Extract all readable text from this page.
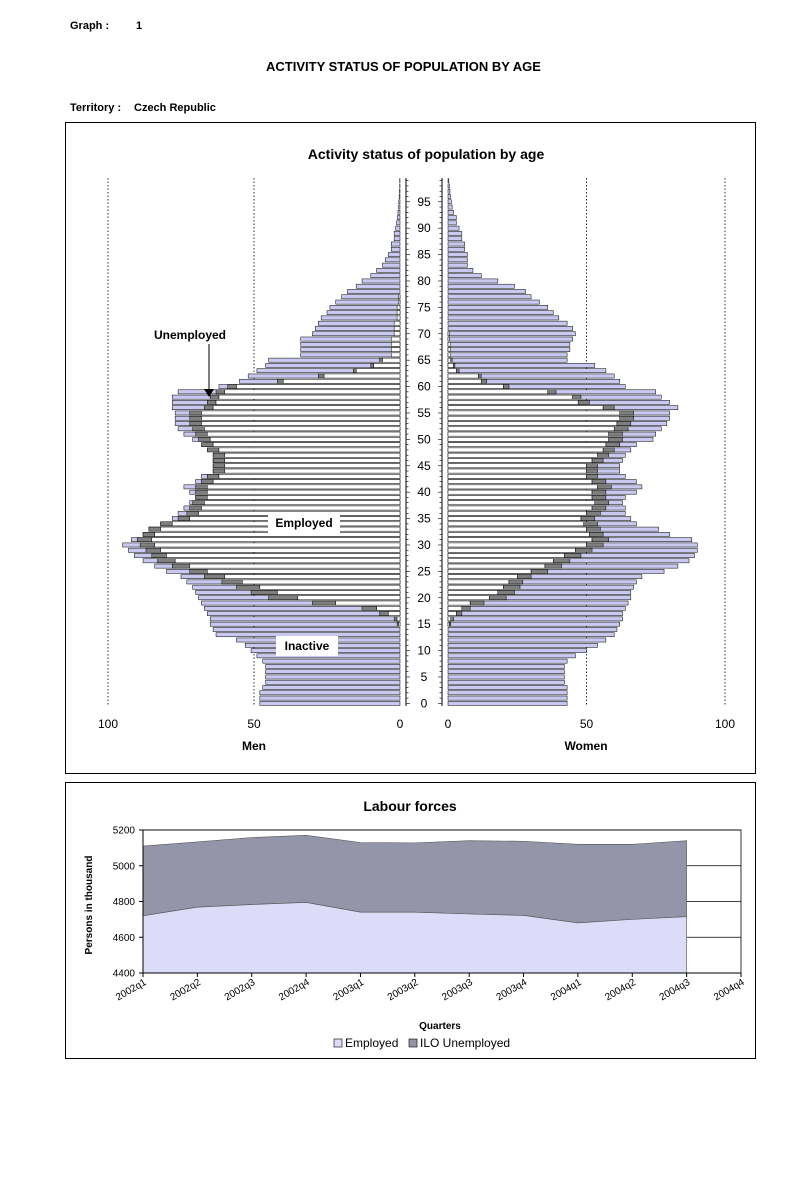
Graph : 1
ACTIVITY STATUS OF POPULATION BY AGE
Territory : Czech Republic
Activity status of population by age
0
5
10
15
20
25
30
35
40
45
50
55
60
65
70
75
80
85
90
95
100	50	0	0	50	100
Men	Women
Unemployed
Employed
Inactive
Labour forces
4400
4600
4800
5000
5200
2002q1 2002q2 2002q3 2002q4 2003q1 2003q2 2003q3 2003q4 2004q1 2004q2 2004q3 2004q4
Persons in thousand
Quarters
Employed ILO Unemployed
